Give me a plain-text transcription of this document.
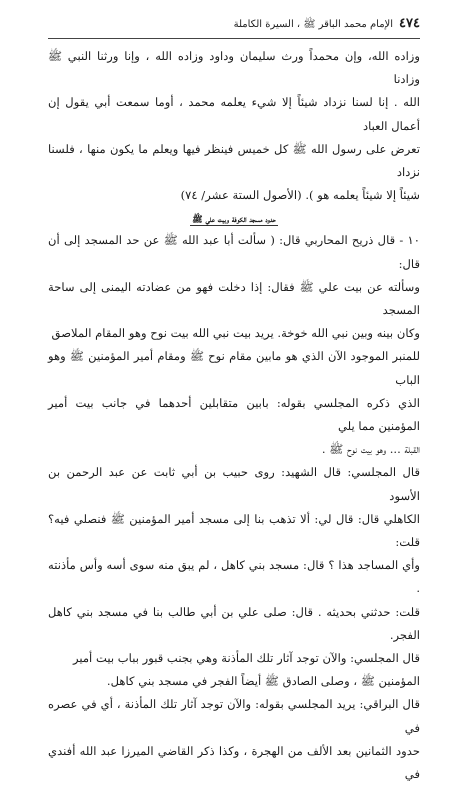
٤٧٤
الإمام محمد الباقر ﷺ ، السيرة الكاملة

وزاده الله، وإن محمداً ورث سليمان وداود وزاده الله ، وإنا ورثنا النبي ﷺ وزادنا
الله . إنا لسنا نزداد شيئاً إلا شيء يعلمه محمد ، أوما سمعت أبي يقول إن أعمال العباد
تعرض على رسول الله ﷺ كل خميس فينظر فيها ويعلم ما يكون منها ، فلسنا نزداد
شيئاً إلا شيئاً يعلمه هو ). (الأصول الستة عشر/ ٧٤)

حدود مسجد الكوفة وبيت علي ﷺ

١٠ - قال ذريح المحاربي قال: ( سألت أبا عبد الله ﷺ عن حد المسجد إلى أن قال:
وسألته عن بيت علي ﷺ فقال: إذا دخلت فهو من عضادته اليمنى إلى ساحة المسجد
وكان بينه وبين نبي الله خوخة. يريد بيت نبي الله بيت نوح وهو المقام الملاصق
للمنبر الموجود الآن الذي هو مابين مقام نوح ﷺ ومقام أمير المؤمنين ﷺ وهو الباب
الذي ذكره المجلسي بقوله: بابين متقابلين أحدهما في جانب بيت أمير المؤمنين مما يلي
القبلة ... وهو بيت نوح ﷺ .

قال المجلسي: قال الشهيد: روى حبيب بن أبي ثابت عن عبد الرحمن بن الأسود
الكاهلي قال: قال لي: ألا تذهب بنا إلى مسجد أمير المؤمنين ﷺ فنصلي فيه؟ قلت:
وأي المساجد هذا ؟ قال: مسجد بني كاهل ، لم يبق منه سوى أسه وأس مأذنته .
قلت: حدثني بحديثه . قال: صلى علي بن أبي طالب بنا في مسجد بني كاهل الفجر.

قال المجلسي: والآن توجد آثار تلك المأذنة وهي بجنب قبور بباب بيت أمير
المؤمنين ﷺ ، وصلى الصادق ﷺ أيضاً الفجر في مسجد بني كاهل.

قال البراقي: يريد المجلسي بقوله: والآن توجد آثار تلك المأذنة ، أي في عصره في
حدود الثمانين بعد الألف من الهجرة ، وكذا ذكر القاضي الميرزا عبد الله أفندي في
